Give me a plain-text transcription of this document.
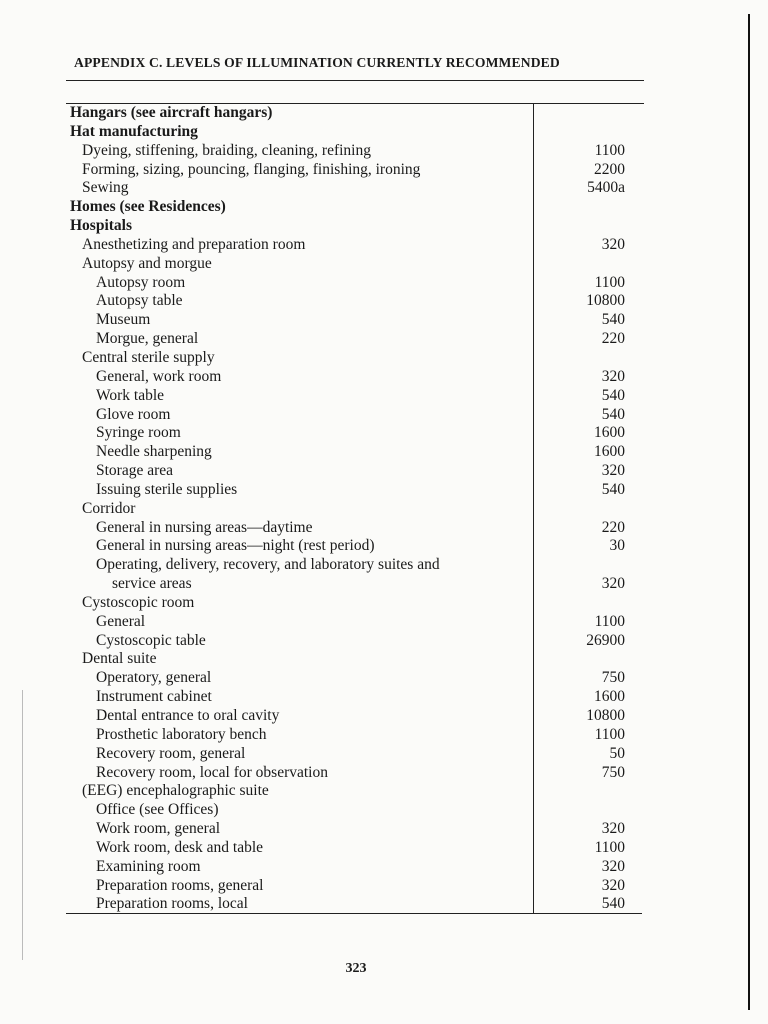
APPENDIX C. LEVELS OF ILLUMINATION CURRENTLY RECOMMENDED
Hangars (see aircraft hangars)
Hat manufacturing
Dyeing, stiffening, braiding, cleaning, refining	1100
Forming, sizing, pouncing, flanging, finishing, ironing	2200
Sewing	5400a
Homes (see Residences)
Hospitals
Anesthetizing and preparation room	320
Autopsy and morgue
Autopsy room	1100
Autopsy table	10800
Museum	540
Morgue, general	220
Central sterile supply
General, work room	320
Work table	540
Glove room	540
Syringe room	1600
Needle sharpening	1600
Storage area	320
Issuing sterile supplies	540
Corridor
General in nursing areas—daytime	220
General in nursing areas—night (rest period)	30
Operating, delivery, recovery, and laboratory suites and
service areas	320
Cystoscopic room
General	1100
Cystoscopic table	26900
Dental suite
Operatory, general	750
Instrument cabinet	1600
Dental entrance to oral cavity	10800
Prosthetic laboratory bench	1100
Recovery room, general	50
Recovery room, local for observation	750
(EEG) encephalographic suite
Office (see Offices)
Work room, general	320
Work room, desk and table	1100
Examining room	320
Preparation rooms, general	320
Preparation rooms, local	540
323
